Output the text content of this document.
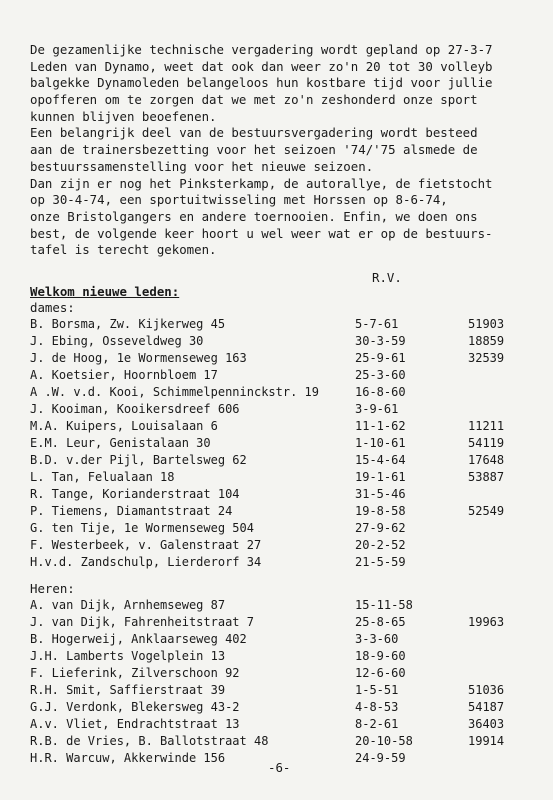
De gezamenlijke technische vergadering wordt gepland op 27-3-7
Leden van Dynamo, weet dat ook dan weer zo'n 20 tot 30 volleyb
balgekke Dynamoleden belangeloos hun kostbare tijd voor jullie
opofferen om te zorgen dat we met zo'n zeshonderd onze sport
kunnen blijven beoefenen.
Een belangrijk deel van de bestuursvergadering wordt besteed
aan de trainersbezetting voor het seizoen '74/'75 alsmede de
bestuurssamenstelling voor het nieuwe seizoen.
Dan zijn er nog het Pinksterkamp, de autorallye, de fietstocht
op 30-4-74, een sportuitwisseling met Horssen op 8-6-74,
onze Bristolgangers en andere toernooien. Enfin, we doen ons
best, de volgende keer hoort u wel weer wat er op de bestuurs-
tafel is terecht gekomen.
R.V.
Welkom nieuwe leden:
dames:
B. Borsma, Zw. Kijkerweg 45	5-7-61	51903
J. Ebing, Osseveldweg 30	30-3-59	18859
J. de Hoog, 1e Wormenseweg 163	25-9-61	32539
A. Koetsier, Hoornbloem 17	25-3-60
A .W. v.d. Kooi, Schimmelpenninckstr. 19	16-8-60
J. Kooiman, Kooikersdreef 606	3-9-61
M.A. Kuipers, Louisalaan 6	11-1-62	11211
E.M. Leur, Genistalaan 30	1-10-61	54119
B.D. v.der Pijl, Bartelsweg 62	15-4-64	17648
L. Tan, Felualaan 18	19-1-61	53887
R. Tange, Korianderstraat 104	31-5-46
P. Tiemens, Diamantstraat 24	19-8-58	52549
G. ten Tije, 1e Wormenseweg 504	27-9-62
F. Westerbeek, v. Galenstraat 27	20-2-52
H.v.d. Zandschulp, Lierderorf 34	21-5-59
Heren:
A. van Dijk, Arnhemseweg 87	15-11-58
J. van Dijk, Fahrenheitstraat 7	25-8-65	19963
B. Hogerweij, Anklaarseweg 402	3-3-60
J.H. Lamberts Vogelplein 13	18-9-60
F. Lieferink, Zilverschoon 92	12-6-60
R.H. Smit, Saffierstraat 39	1-5-51	51036
G.J. Verdonk, Blekersweg 43-2	4-8-53	54187
A.v. Vliet, Endrachtstraat 13	8-2-61	36403
R.B. de Vries, B. Ballotstraat 48	20-10-58	19914
H.R. Warcuw, Akkerwinde 156	24-9-59
-6-
